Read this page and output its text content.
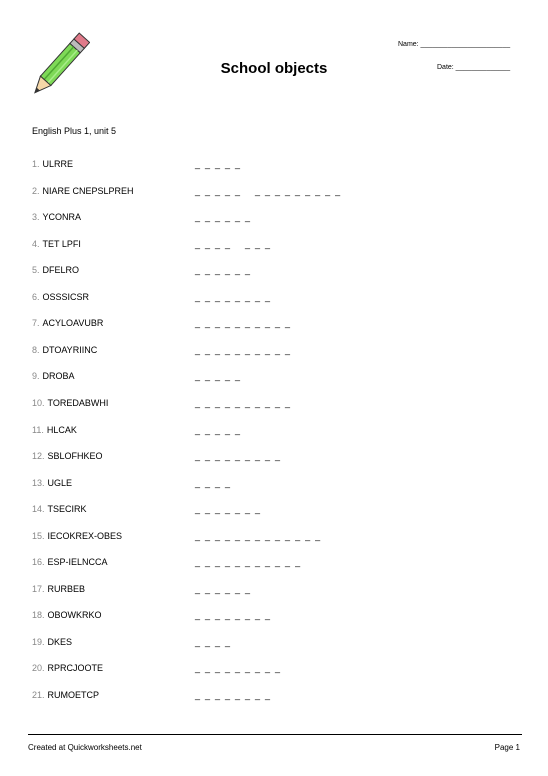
Name: _______________________
School objects	Date: ______________
English Plus 1, unit 5
1. ULRRE	_  _  _  _  _
2. NIARE CNEPSLPREH	_  _  _  _  _      _  _  _  _  _  _  _  _  _
3. YCONRA	_  _  _  _  _  _
4. TET LPFI	_  _  _  _      _  _  _
5. DFELRO	_  _  _  _  _  _
6. OSSSICSR	_  _  _  _  _  _  _  _
7. ACYLOAVUBR	_  _  _  _  _  _  _  _  _  _
8. DTOAYRIINC	_  _  _  _  _  _  _  _  _  _
9. DROBA	_  _  _  _  _
10. TOREDABWHI	_  _  _  _  _  _  _  _  _  _
11. HLCAK	_  _  _  _  _
12. SBLOFHKEO	_  _  _  _  _  _  _  _  _
13. UGLE	_  _  _  _
14. TSECIRK	_  _  _  _  _  _  _
15. IECOKREX-OBES	_  _  _  _  _  _  _  _  _  _  _  _  _
16. ESP-IELNCCA	_  _  _  _  _  _  _  _  _  _  _
17. RURBEB	_  _  _  _  _  _
18. OBOWKRKO	_  _  _  _  _  _  _  _
19. DKES	_  _  _  _
20. RPRCJOOTE	_  _  _  _  _  _  _  _  _
21. RUMOETCP	_  _  _  _  _  _  _  _
Created at Quickworksheets.net	Page 1
